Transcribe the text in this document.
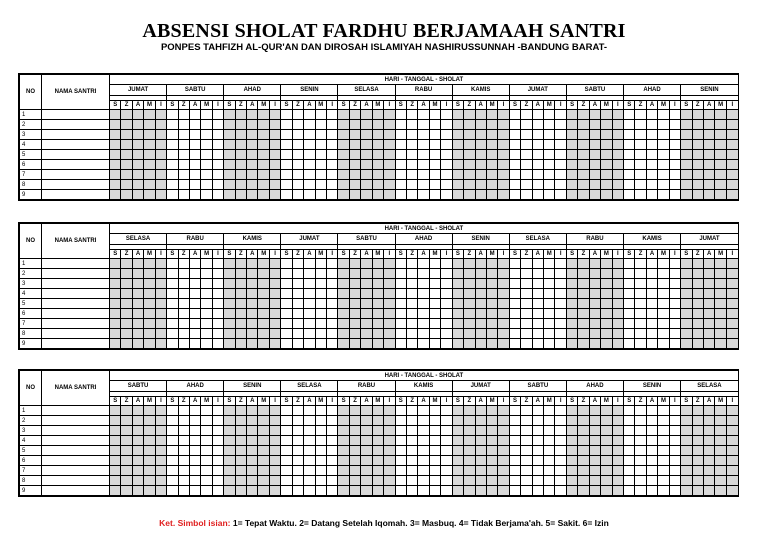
ABSENSI SHOLAT FARDHU BERJAMAAH SANTRI
PONPES TAHFIZH AL-QUR'AN DAN DIROSAH ISLAMIYAH NASHIRUSSUNNAH -BANDUNG BARAT-
NO	NAMA SANTRI	HARI - TANGGAL - SHOLAT																																																						
		JUMAT					SABTU					AHAD					SENIN					SELASA					RABU					KAMIS					JUMAT					SABTU					AHAD					SENIN				

		S	Z	A	M	I	S	Z	A	M	I	S	Z	A	M	I	S	Z	A	M	I	S	Z	A	M	I	S	Z	A	M	I	S	Z	A	M	I	S	Z	A	M	I	S	Z	A	M	I	S	Z	A	M	I	S	Z	A	M	I
1																																																								
2																																																								
3																																																								
4																																																								
5																																																								
6																																																								
7																																																								
8																																																								
9																																																								
NO	NAMA SANTRI	HARI - TANGGAL - SHOLAT																																																						
		SELASA					RABU					KAMIS					JUMAT					SABTU					AHAD					SENIN					SELASA					RABU					KAMIS					JUMAT				

		S	Z	A	M	I	S	Z	A	M	I	S	Z	A	M	I	S	Z	A	M	I	S	Z	A	M	I	S	Z	A	M	I	S	Z	A	M	I	S	Z	A	M	I	S	Z	A	M	I	S	Z	A	M	I	S	Z	A	M	I
1																																																								
2																																																								
3																																																								
4																																																								
5																																																								
6																																																								
7																																																								
8																																																								
9																																																								
NO	NAMA SANTRI	HARI - TANGGAL - SHOLAT																																																						
		SABTU					AHAD					SENIN					SELASA					RABU					KAMIS					JUMAT					SABTU					AHAD					SENIN					SELASA				

		S	Z	A	M	I	S	Z	A	M	I	S	Z	A	M	I	S	Z	A	M	I	S	Z	A	M	I	S	Z	A	M	I	S	Z	A	M	I	S	Z	A	M	I	S	Z	A	M	I	S	Z	A	M	I	S	Z	A	M	I
1																																																								
2																																																								
3																																																								
4																																																								
5																																																								
6																																																								
7																																																								
8																																																								
9																																																								
Ket. Simbol isian: 1= Tepat Waktu. 2= Datang Setelah Iqomah. 3= Masbuq. 4= Tidak Berjama'ah. 5= Sakit. 6= Izin
